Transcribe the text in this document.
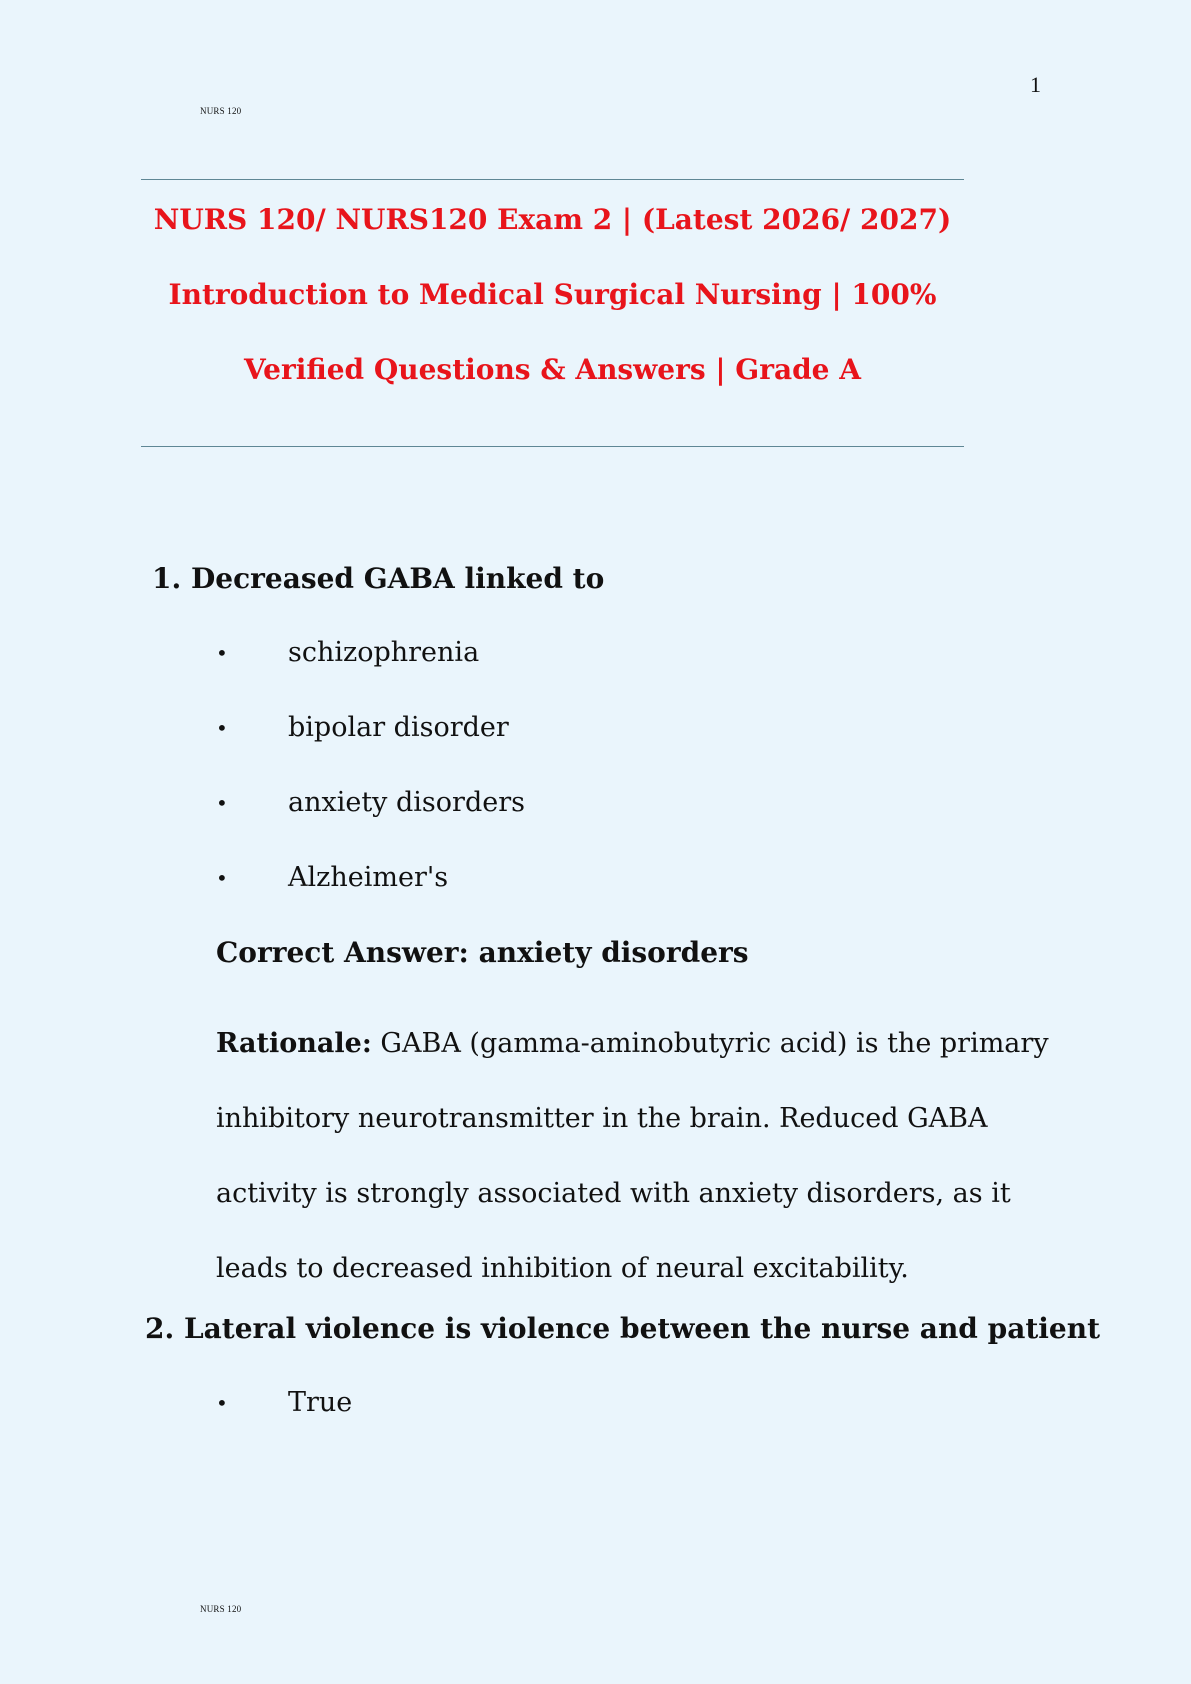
1
NURS 120
NURS 120/ NURS120 Exam 2 | (Latest 2026/ 2027)
Introduction to Medical Surgical Nursing | 100%
Verified Questions & Answers | Grade A
1. Decreased GABA linked to
• schizophrenia
• bipolar disorder
• anxiety disorders
• Alzheimer's
Correct Answer: anxiety disorders
Rationale: GABA (gamma-aminobutyric acid) is the primary inhibitory neurotransmitter in the brain. Reduced GABA activity is strongly associated with anxiety disorders, as it leads to decreased inhibition of neural excitability.
2. Lateral violence is violence between the nurse and patient
• True
NURS 120
